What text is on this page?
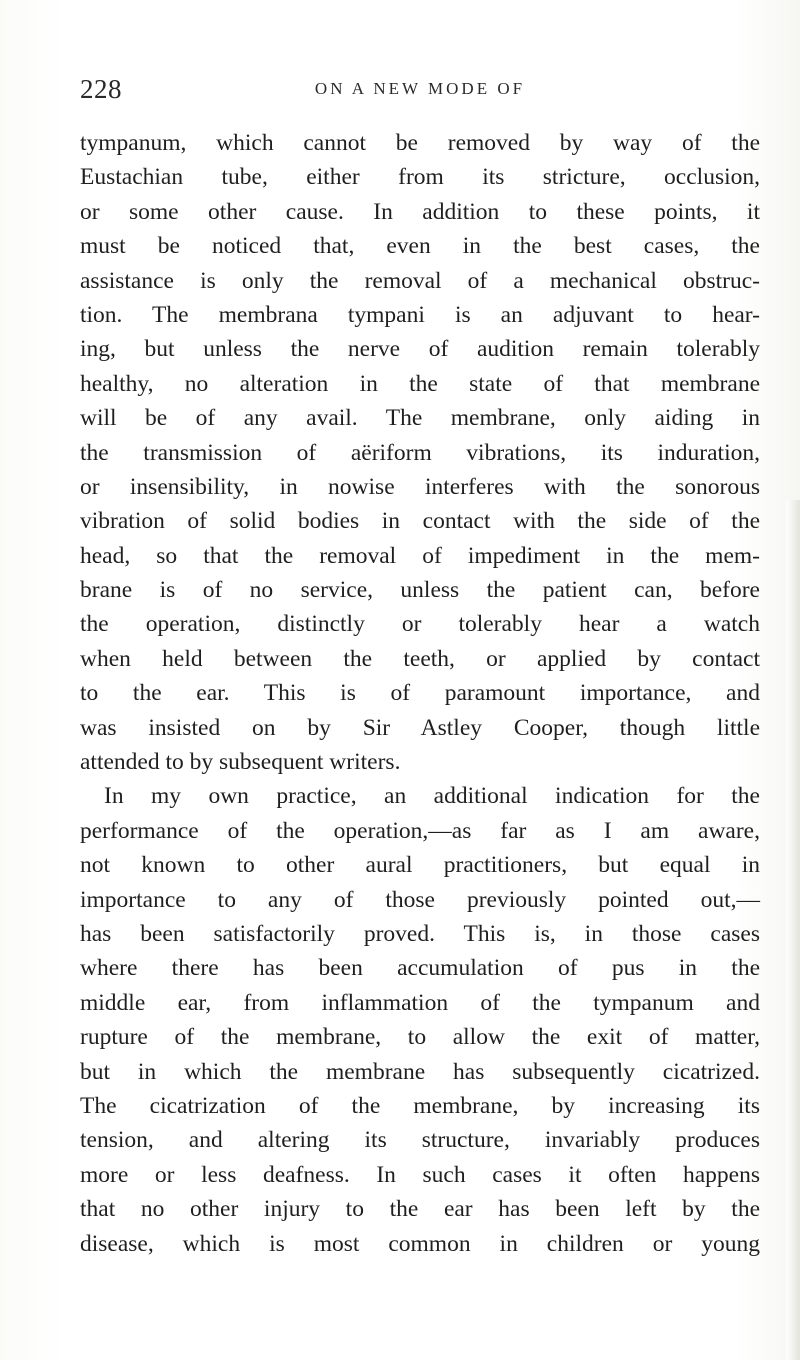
228	ON A NEW MODE OF
tympanum, which cannot be removed by way of the
Eustachian tube, either from its stricture, occlusion,
or some other cause. In addition to these points, it
must be noticed that, even in the best cases, the
assistance is only the removal of a mechanical obstruc-
tion. The membrana tympani is an adjuvant to hear-
ing, but unless the nerve of audition remain tolerably
healthy, no alteration in the state of that membrane
will be of any avail. The membrane, only aiding in
the transmission of aëriform vibrations, its induration,
or insensibility, in nowise interferes with the sonorous
vibration of solid bodies in contact with the side of the
head, so that the removal of impediment in the mem-
brane is of no service, unless the patient can, before
the operation, distinctly or tolerably hear a watch
when held between the teeth, or applied by contact
to the ear. This is of paramount importance, and
was insisted on by Sir Astley Cooper, though little
attended to by subsequent writers.
In my own practice, an additional indication for the
performance of the operation,—as far as I am aware,
not known to other aural practitioners, but equal in
importance to any of those previously pointed out,—
has been satisfactorily proved. This is, in those cases
where there has been accumulation of pus in the
middle ear, from inflammation of the tympanum and
rupture of the membrane, to allow the exit of matter,
but in which the membrane has subsequently cicatrized.
The cicatrization of the membrane, by increasing its
tension, and altering its structure, invariably produces
more or less deafness. In such cases it often happens
that no other injury to the ear has been left by the
disease, which is most common in children or young
